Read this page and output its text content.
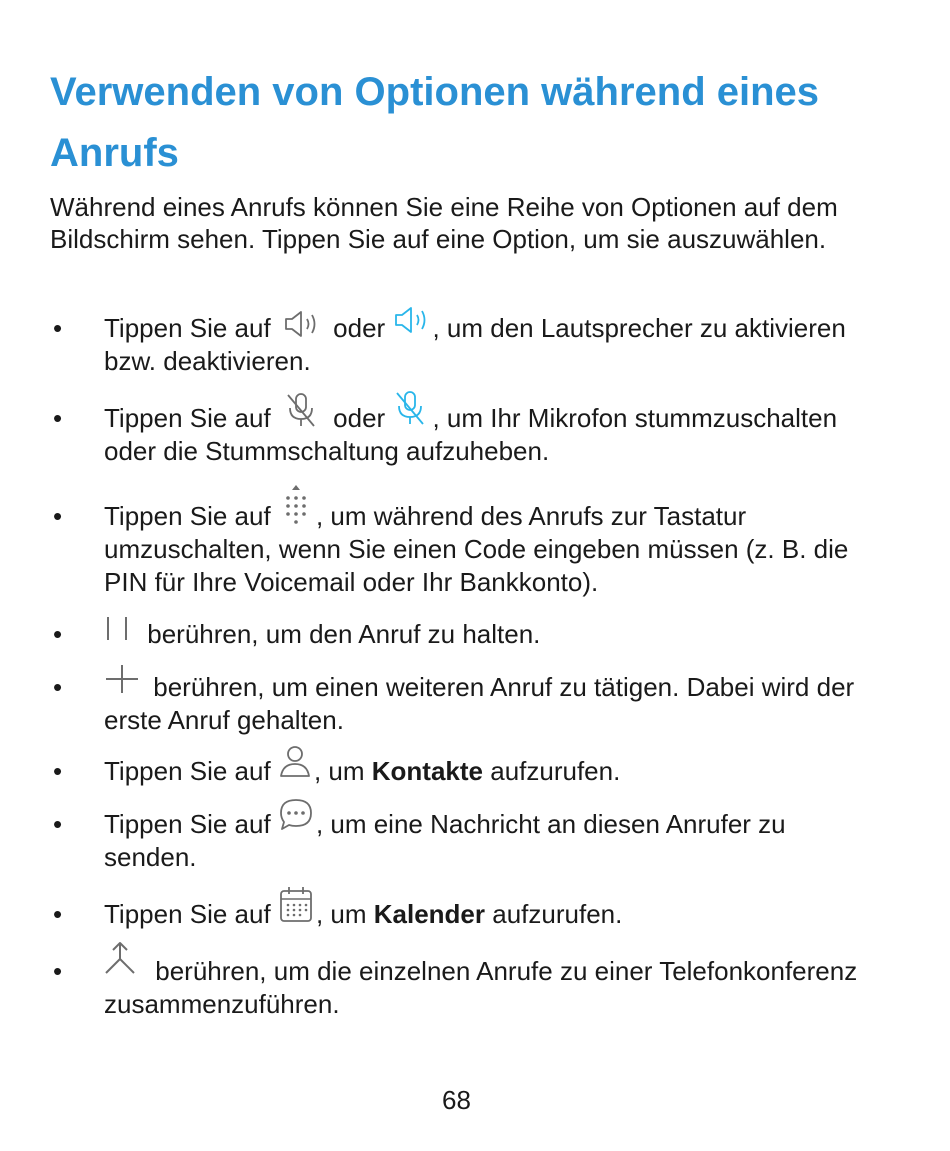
Verwenden von Optionen während eines Anrufs

Während eines Anrufs können Sie eine Reihe von Optionen auf dem Bildschirm sehen. Tippen Sie auf eine Option, um sie auszuwählen.

• Tippen Sie auf oder , um den Lautsprecher zu aktivieren bzw. deaktivieren.
• Tippen Sie auf oder , um Ihr Mikrofon stummzuschalten oder die Stummschaltung aufzuheben.
• Tippen Sie auf , um während des Anrufs zur Tastatur umzuschalten, wenn Sie einen Code eingeben müssen (z. B. die PIN für Ihre Voicemail oder Ihr Bankkonto).
•	berühren, um den Anruf zu halten.
•	berühren, um einen weiteren Anruf zu tätigen. Dabei wird der erste Anruf gehalten.
• Tippen Sie auf , um Kontakte aufzurufen.
• Tippen Sie auf , um eine Nachricht an diesen Anrufer zu senden.
• Tippen Sie auf , um Kalender aufzurufen.
•	berühren, um die einzelnen Anrufe zu einer Telefonkonferenz zusammenzuführen.
68
